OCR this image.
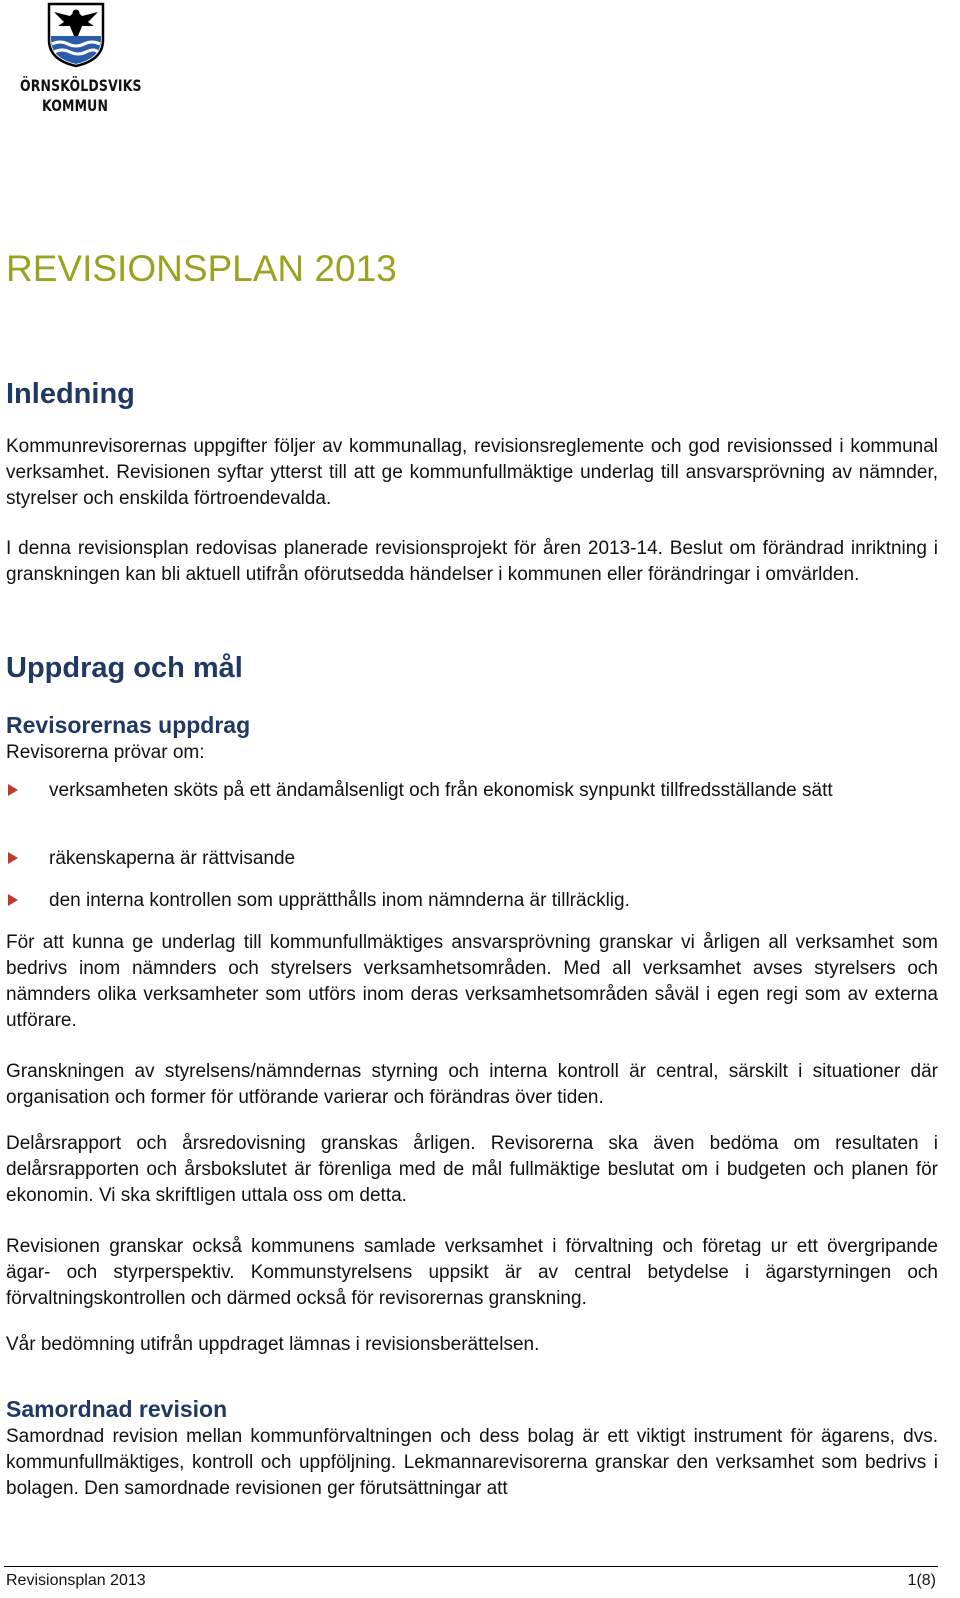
ÖRNSKÖLDSVIKS
KOMMUN
REVISIONSPLAN 2013
Inledning

Kommunrevisorernas uppgifter följer av kommunallag, revisionsreglemente och god revisionssed i kommunal verksamhet. Revisionen syftar ytterst till att ge kommunfullmäktige underlag till ansvarsprövning av nämnder, styrelser och enskilda förtroendevalda.

I denna revisionsplan redovisas planerade revisionsprojekt för åren 2013-14. Beslut om förändrad inriktning i granskningen kan bli aktuell utifrån oförutsedda händelser i kommunen eller förändringar i omvärlden.

Uppdrag och mål
Revisorernas uppdrag

Revisorerna prövar om:

verksamheten sköts på ett ändamålsenligt och från ekonomisk synpunkt tillfredsställande sätt
räkenskaperna är rättvisande
den interna kontrollen som upprätthålls inom nämnderna är tillräcklig.

För att kunna ge underlag till kommunfullmäktiges ansvarsprövning granskar vi årligen all verksamhet som bedrivs inom nämnders och styrelsers verksamhetsområden. Med all verksamhet avses styrelsers och nämnders olika verksamheter som utförs inom deras verksamhetsområden såväl i egen regi som av externa utförare.

Granskningen av styrelsens/nämndernas styrning och interna kontroll är central, särskilt i situationer där organisation och former för utförande varierar och förändras över tiden.

Delårsrapport och årsredovisning granskas årligen. Revisorerna ska även bedöma om resultaten i delårsrapporten och årsbokslutet är förenliga med de mål fullmäktige beslutat om i budgeten och planen för ekonomin. Vi ska skriftligen uttala oss om detta.

Revisionen granskar också kommunens samlade verksamhet i förvaltning och företag ur ett övergripande ägar- och styrperspektiv. Kommunstyrelsens uppsikt är av central betydelse i ägarstyrningen och förvaltningskontrollen och därmed också för revisorernas granskning.

Vår bedömning utifrån uppdraget lämnas i revisionsberättelsen.

Samordnad revision

Samordnad revision mellan kommunförvaltningen och dess bolag är ett viktigt instrument för ägarens, dvs. kommunfullmäktiges, kontroll och uppföljning. Lekmannarevisorerna granskar den verksamhet som bedrivs i bolagen. Den samordnade revisionen ger förutsättningar att

Revisionsplan 2013	1(8)
